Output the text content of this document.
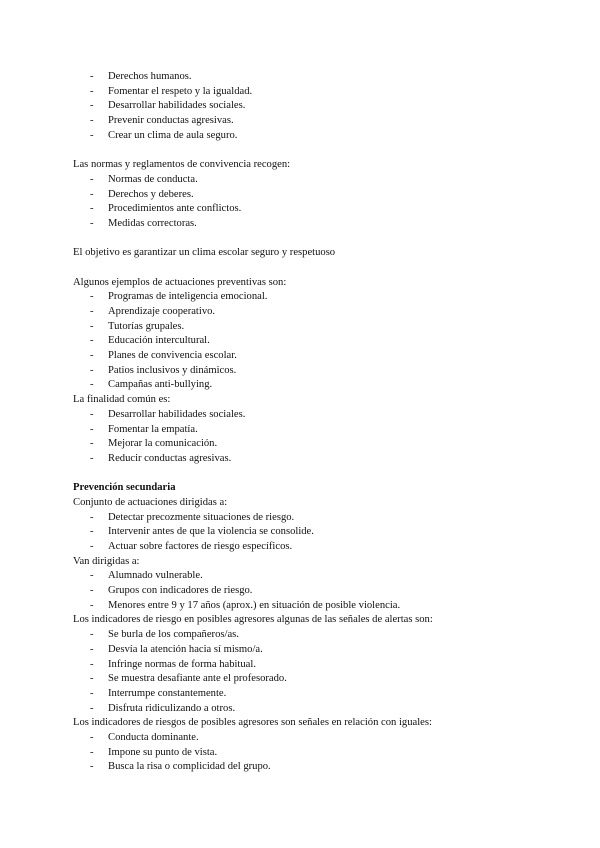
- Derechos humanos.
- Fomentar el respeto y la igualdad.
- Desarrollar habilidades sociales.
- Prevenir conductas agresivas.
- Crear un clima de aula seguro.
Las normas y reglamentos de convivencia recogen:
- Normas de conducta.
- Derechos y deberes.
- Procedimientos ante conflictos.
- Medidas correctoras.
El objetivo es garantizar un clima escolar seguro y respetuoso
Algunos ejemplos de actuaciones preventivas son:
- Programas de inteligencia emocional.
- Aprendizaje cooperativo.
- Tutorías grupales.
- Educación intercultural.
- Planes de convivencia escolar.
- Patios inclusivos y dinámicos.
- Campañas anti-bullying.
La finalidad común es:
- Desarrollar habilidades sociales.
- Fomentar la empatía.
- Mejorar la comunicación.
- Reducir conductas agresivas.
Prevención secundaria
Conjunto de actuaciones dirigidas a:
- Detectar precozmente situaciones de riesgo.
- Intervenir antes de que la violencia se consolide.
- Actuar sobre factores de riesgo específicos.
Van dirigidas a:
- Alumnado vulnerable.
- Grupos con indicadores de riesgo.
- Menores entre 9 y 17 años (aprox.) en situación de posible violencia.
Los indicadores de riesgo en posibles agresores algunas de las señales de alertas son:
- Se burla de los compañeros/as.
- Desvía la atención hacia sí mismo/a.
- Infringe normas de forma habitual.
- Se muestra desafiante ante el profesorado.
- Interrumpe constantemente.
- Disfruta ridiculizando a otros.
Los indicadores de riesgos de posibles agresores son señales en relación con iguales:
- Conducta dominante.
- Impone su punto de vista.
- Busca la risa o complicidad del grupo.
